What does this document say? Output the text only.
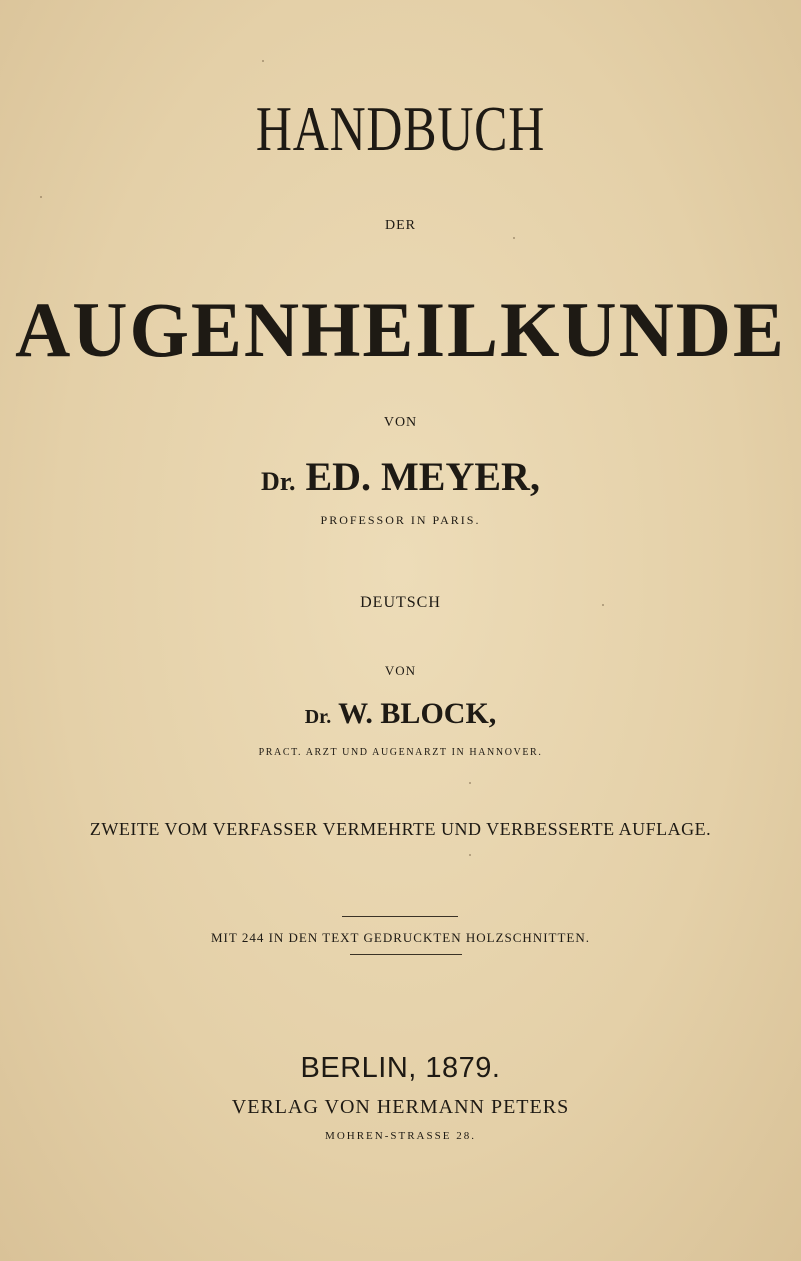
HANDBUCH
DER
AUGENHEILKUNDE
VON
Dr. ED. MEYER,
PROFESSOR IN PARIS.
DEUTSCH
VON
Dr. W. BLOCK,
PRACT. ARZT UND AUGENARZT IN HANNOVER.
ZWEITE VOM VERFASSER VERMEHRTE UND VERBESSERTE AUFLAGE.
MIT 244 IN DEN TEXT GEDRUCKTEN HOLZSCHNITTEN.
BERLIN, 1879.
VERLAG VON HERMANN PETERS
MOHREN-STRASSE 28.
